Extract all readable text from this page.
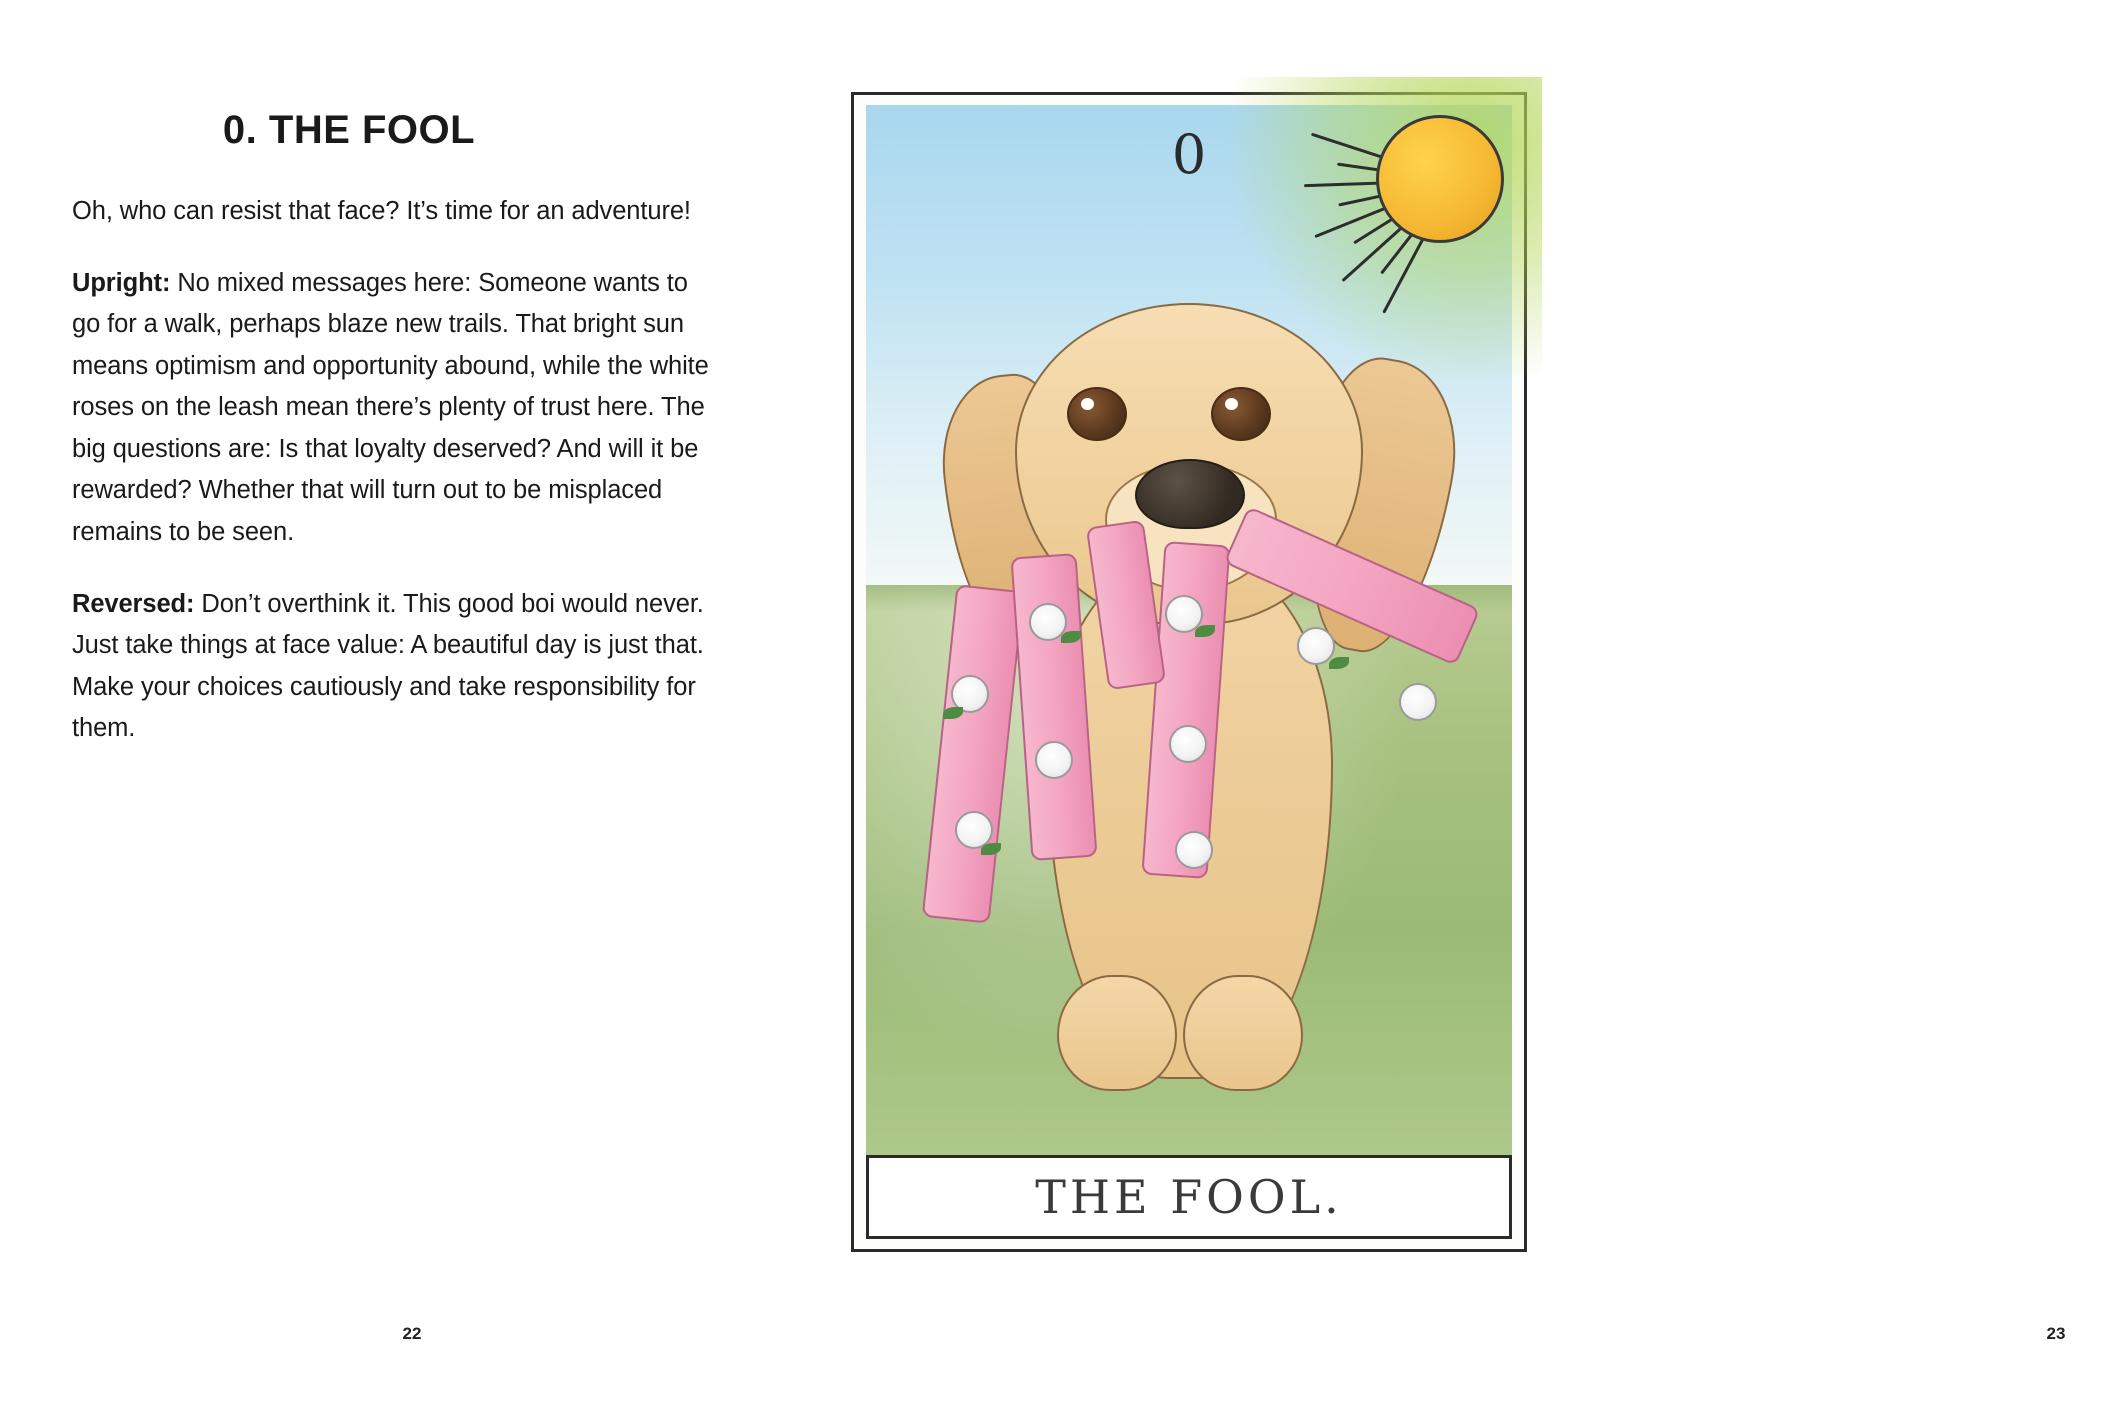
0. THE FOOL

Oh, who can resist that face? It’s time for an adventure!

Upright: No mixed messages here: Someone wants to go for a walk, perhaps blaze new trails. That bright sun means optimism and opportunity abound, while the white roses on the leash mean there’s plenty of trust here. The big questions are: Is that loyalty deserved? And will it be rewarded? Whether that will turn out to be misplaced remains to be seen.

Reversed: Don’t overthink it. This good boi would never. Just take things at face value: A beautiful day is just that. Make your choices cautiously and take responsibility for them.

22
0
THE FOOL.
23
